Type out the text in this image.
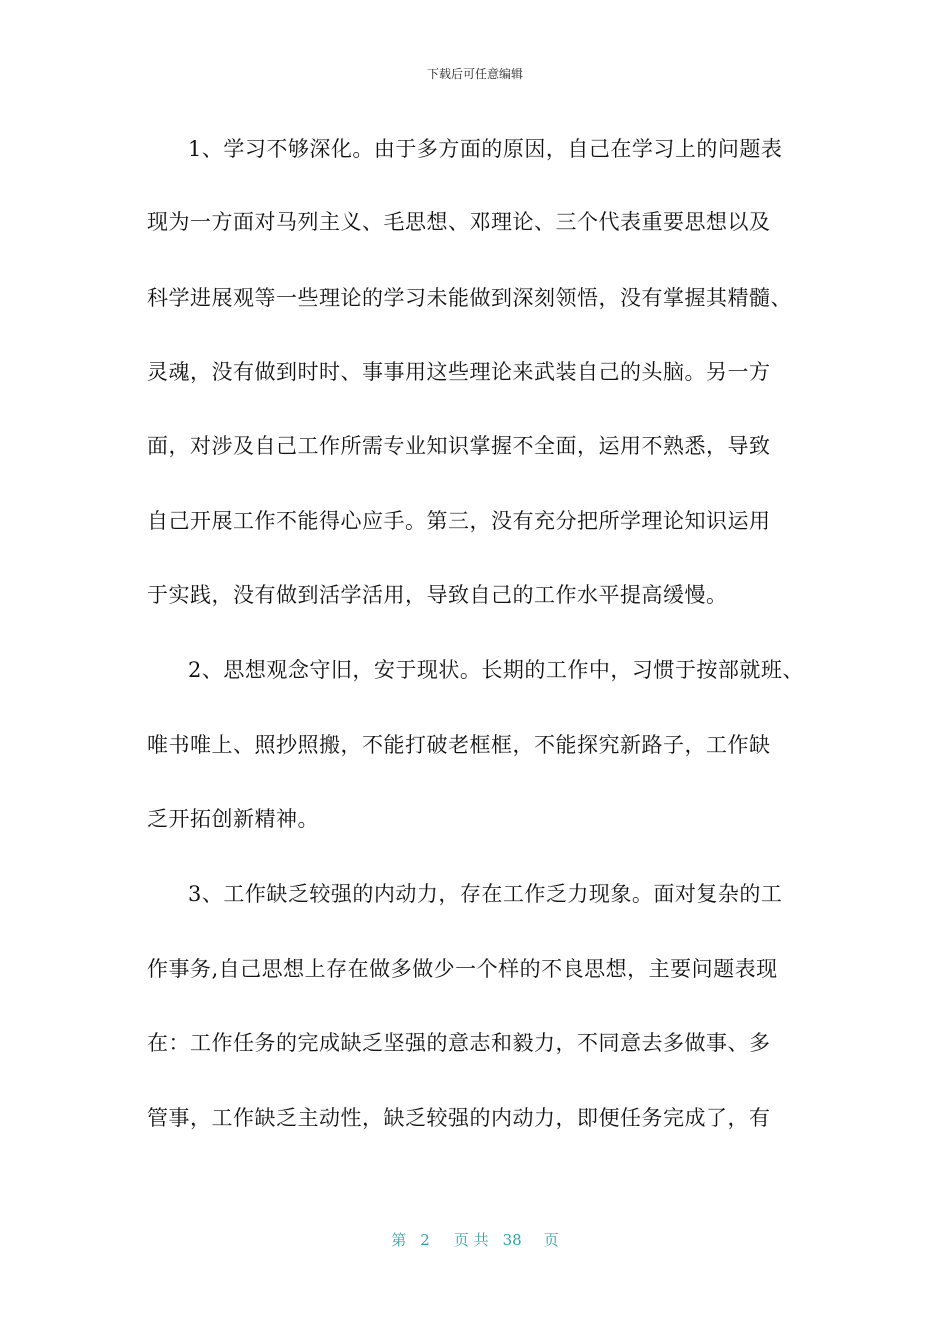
下载后可任意编辑
1、学习不够深化。由于多方面的原因，自己在学习上的问题表
现为一方面对马列主义、毛思想、邓理论、三个代表重要思想以及
科学进展观等一些理论的学习未能做到深刻领悟，没有掌握其精髓、
灵魂，没有做到时时、事事用这些理论来武装自己的头脑。另一方
面，对涉及自己工作所需专业知识掌握不全面，运用不熟悉，导致
自己开展工作不能得心应手。第三，没有充分把所学理论知识运用
于实践，没有做到活学活用，导致自己的工作水平提高缓慢。
2、思想观念守旧，安于现状。长期的工作中，习惯于按部就班、
唯书唯上、照抄照搬，不能打破老框框，不能探究新路子，工作缺
乏开拓创新精神。
3、工作缺乏较强的内动力，存在工作乏力现象。面对复杂的工
作事务,自己思想上存在做多做少一个样的不良思想，主要问题表现
在：工作任务的完成缺乏坚强的意志和毅力，不同意去多做事、多
管事，工作缺乏主动性，缺乏较强的内动力，即便任务完成了，有
第 2 页 共 38 页
